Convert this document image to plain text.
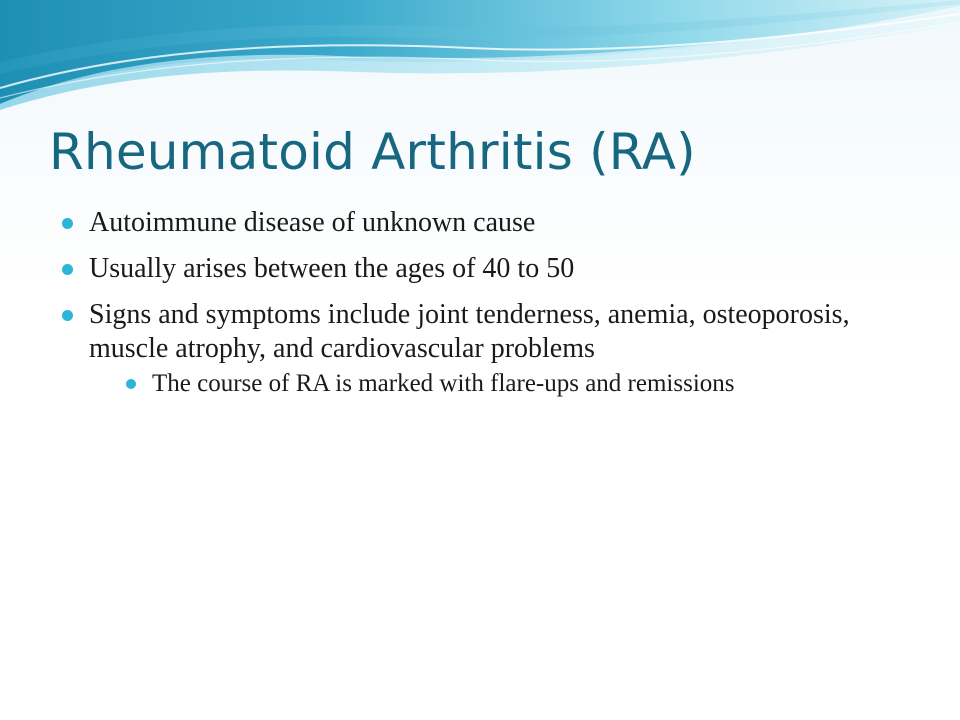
Rheumatoid Arthritis (RA)
Autoimmune disease of unknown cause
Usually arises between the ages of 40 to 50
Signs and symptoms include joint tenderness, anemia, osteoporosis, muscle atrophy, and cardiovascular problems
The course of RA is marked with flare-ups and remissions
